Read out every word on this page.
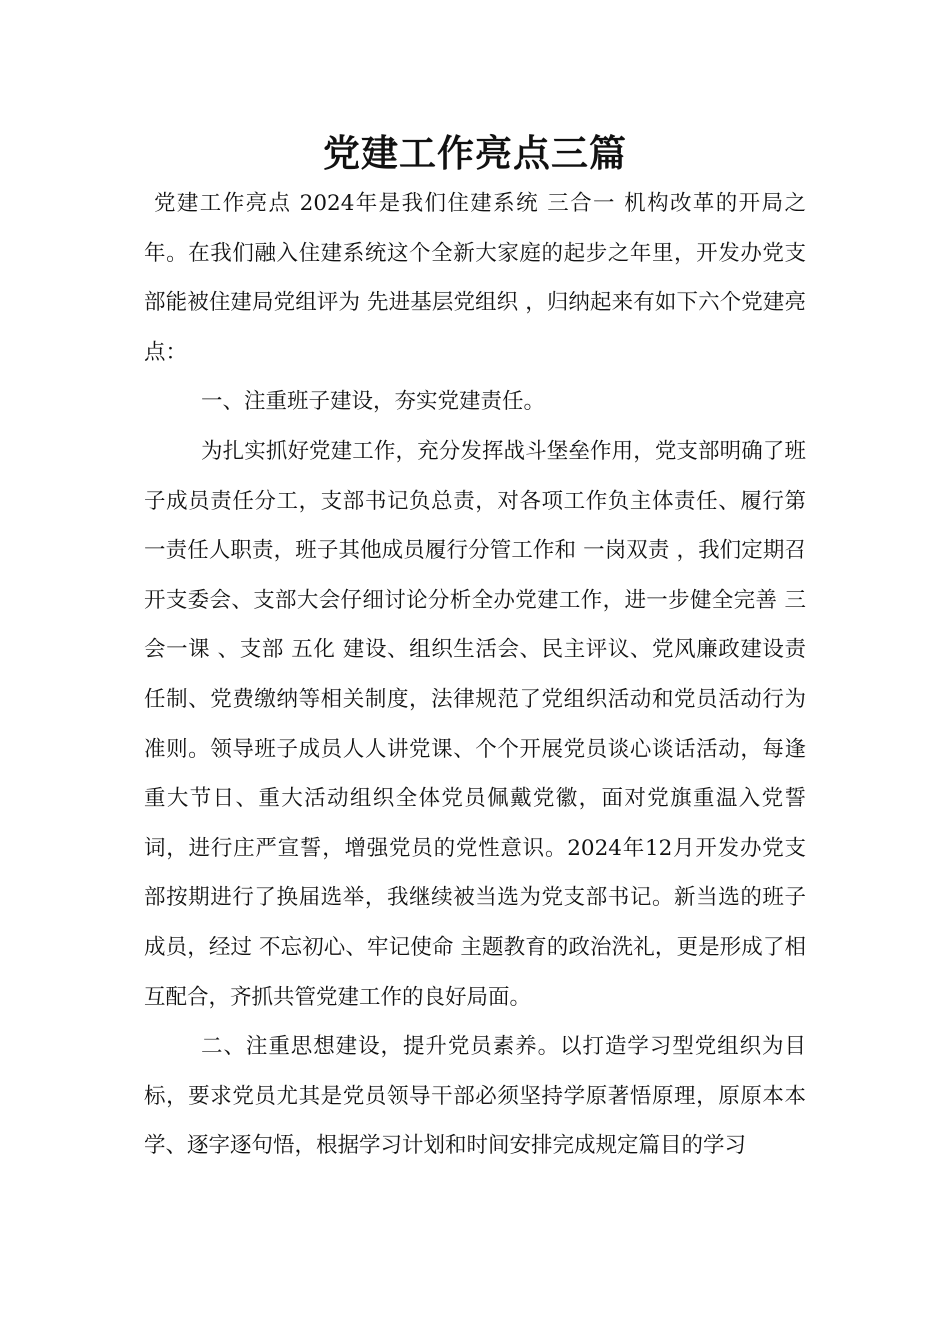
党建工作亮点三篇

党建工作亮点 2024年是我们住建系统 三合一 机构改革的开局之年。在我们融入住建系统这个全新大家庭的起步之年里，开发办党支部能被住建局党组评为 先进基层党组织 ，归纳起来有如下六个党建亮点：

一、注重班子建设，夯实党建责任。

为扎实抓好党建工作，充分发挥战斗堡垒作用，党支部明确了班子成员责任分工，支部书记负总责，对各项工作负主体责任、履行第一责任人职责，班子其他成员履行分管工作和 一岗双责 ，我们定期召开支委会、支部大会仔细讨论分析全办党建工作，进一步健全完善 三会一课 、支部 五化 建设、组织生活会、民主评议、党风廉政建设责任制、党费缴纳等相关制度，法律规范了党组织活动和党员活动行为准则。领导班子成员人人讲党课、个个开展党员谈心谈话活动，每逢重大节日、重大活动组织全体党员佩戴党徽，面对党旗重温入党誓词，进行庄严宣誓，增强党员的党性意识。2024年12月开发办党支部按期进行了换届选举，我继续被当选为党支部书记。新当选的班子成员，经过 不忘初心、牢记使命 主题教育的政治洗礼，更是形成了相互配合，齐抓共管党建工作的良好局面。

二、注重思想建设，提升党员素养。以打造学习型党组织为目标，要求党员尤其是党员领导干部必须坚持学原著悟原理，原原本本学、逐字逐句悟，根据学习计划和时间安排完成规定篇目的学习
